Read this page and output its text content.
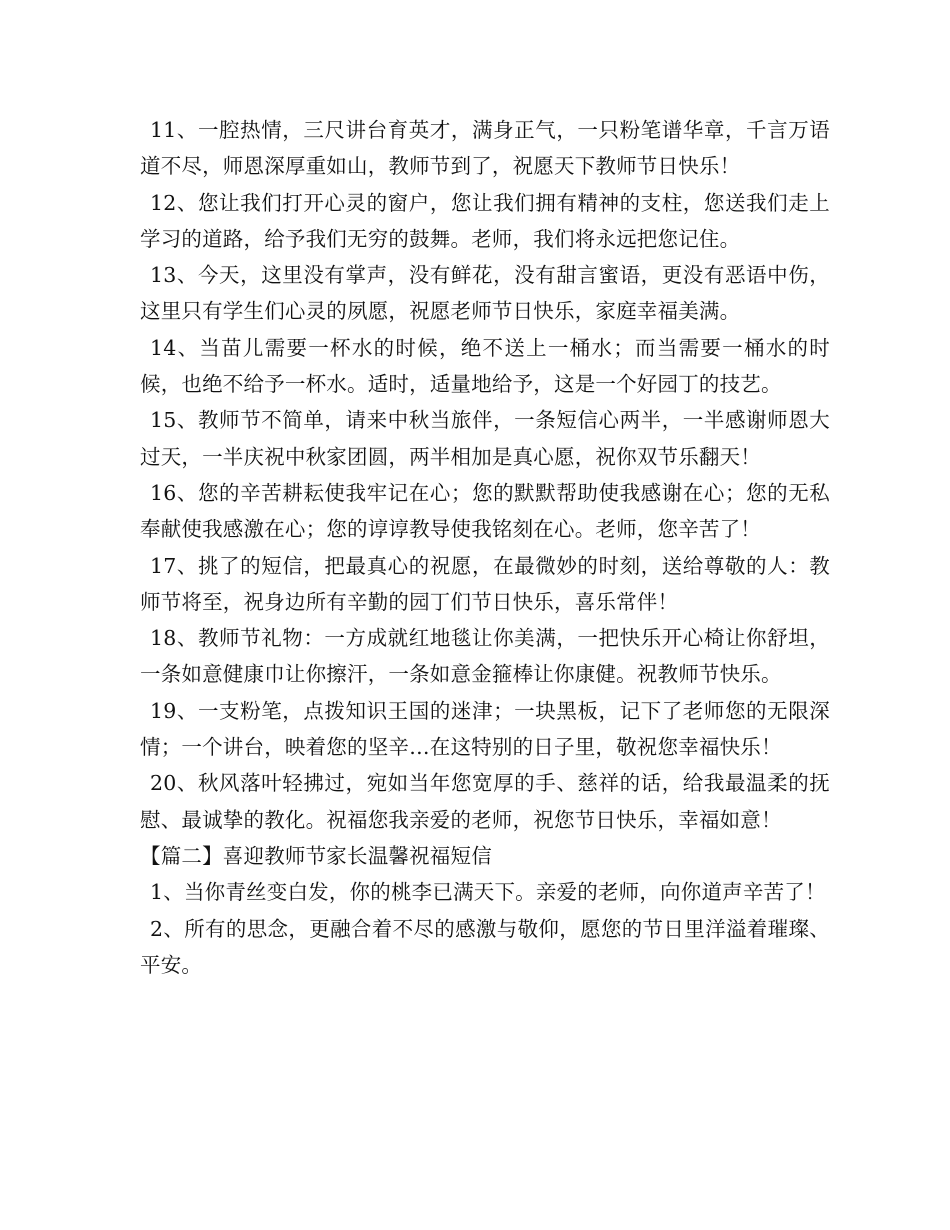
11、一腔热情，三尺讲台育英才，满身正气，一只粉笔谱华章，千言万语道不尽，师恩深厚重如山，教师节到了，祝愿天下教师节日快乐！

12、您让我们打开心灵的窗户，您让我们拥有精神的支柱，您送我们走上学习的道路，给予我们无穷的鼓舞。老师，我们将永远把您记住。

13、今天，这里没有掌声，没有鲜花，没有甜言蜜语，更没有恶语中伤，这里只有学生们心灵的夙愿，祝愿老师节日快乐，家庭幸福美满。

14、当苗儿需要一杯水的时候，绝不送上一桶水；而当需要一桶水的时候，也绝不给予一杯水。适时，适量地给予，这是一个好园丁的技艺。

15、教师节不简单，请来中秋当旅伴，一条短信心两半，一半感谢师恩大过天，一半庆祝中秋家团圆，两半相加是真心愿，祝你双节乐翻天！

16、您的辛苦耕耘使我牢记在心；您的默默帮助使我感谢在心；您的无私奉献使我感激在心；您的谆谆教导使我铭刻在心。老师，您辛苦了！

17、挑了的短信，把最真心的祝愿，在最微妙的时刻，送给尊敬的人：教师节将至，祝身边所有辛勤的园丁们节日快乐，喜乐常伴！

18、教师节礼物：一方成就红地毯让你美满，一把快乐开心椅让你舒坦，一条如意健康巾让你擦汗，一条如意金箍棒让你康健。祝教师节快乐。

19、一支粉笔，点拨知识王国的迷津；一块黑板，记下了老师您的无限深情；一个讲台，映着您的坚辛…在这特别的日子里，敬祝您幸福快乐！

20、秋风落叶轻拂过，宛如当年您宽厚的手、慈祥的话，给我最温柔的抚慰、最诚挚的教化。祝福您我亲爱的老师，祝您节日快乐，幸福如意！

【篇二】喜迎教师节家长温馨祝福短信

1、当你青丝变白发，你的桃李已满天下。亲爱的老师，向你道声辛苦了！

2、所有的思念，更融合着不尽的感激与敬仰，愿您的节日里洋溢着璀璨、平安。
